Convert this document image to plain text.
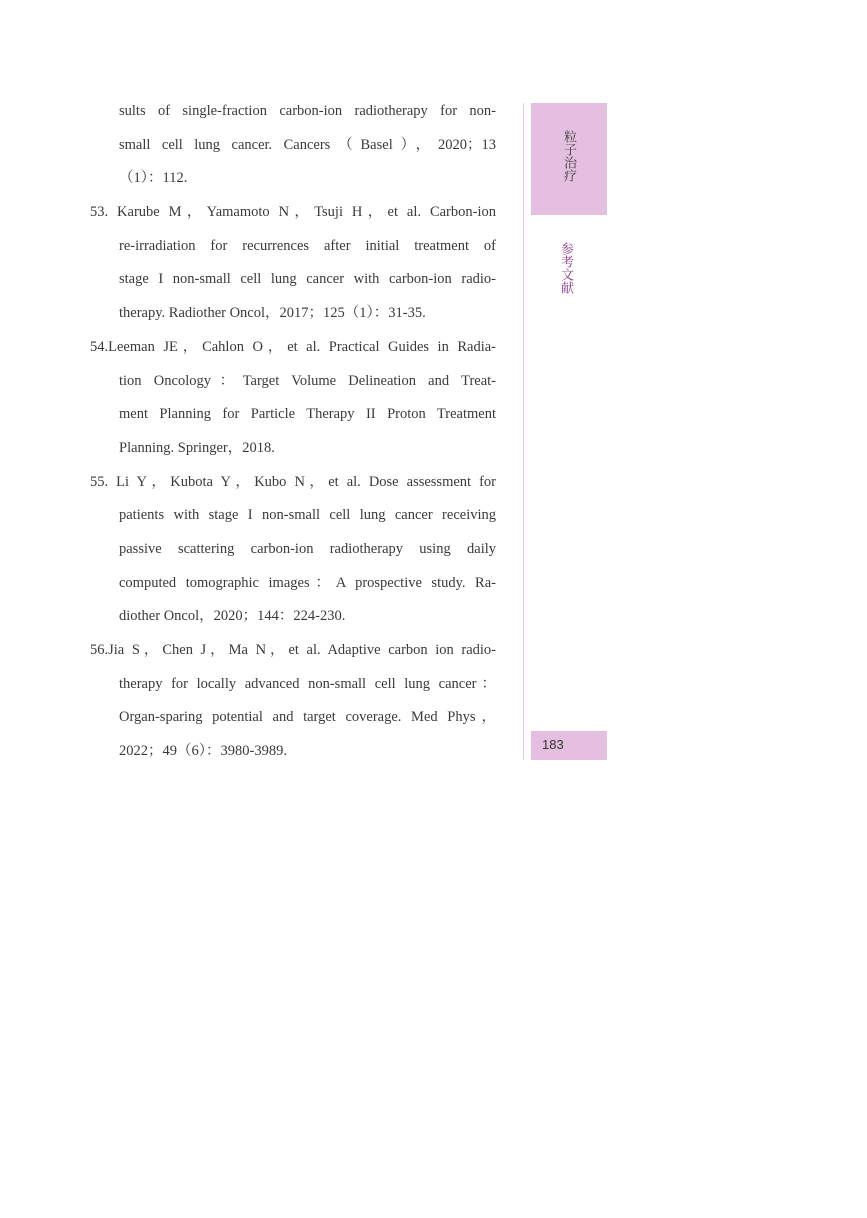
sults of single-fraction carbon-ion radiotherapy for non-
small cell lung cancer. Cancers（Basel），2020；13
（1）：112.
53. Karube M，Yamamoto N，Tsuji H，et al. Carbon-ion
re-irradiation for recurrences after initial treatment of
stage I non-small cell lung cancer with carbon-ion radio-
therapy. Radiother Oncol，2017；125（1）：31-35.
54.Leeman JE，Cahlon O，et al. Practical Guides in Radia-
tion Oncology：Target Volume Delineation and Treat-
ment Planning for Particle Therapy II Proton Treatment
Planning. Springer，2018.
55. Li Y，Kubota Y，Kubo N，et al. Dose assessment for
patients with stage I non-small cell lung cancer receiving
passive scattering carbon-ion radiotherapy using daily
computed tomographic images：A prospective study. Ra-
diother Oncol，2020；144：224-230.
56.Jia S，Chen J，Ma N，et al. Adaptive carbon ion radio-
therapy for locally advanced non-small cell lung cancer：
Organ-sparing potential and target coverage. Med Phys，
2022；49（6）：3980-3989.
粒子治疗
参考文献
183
